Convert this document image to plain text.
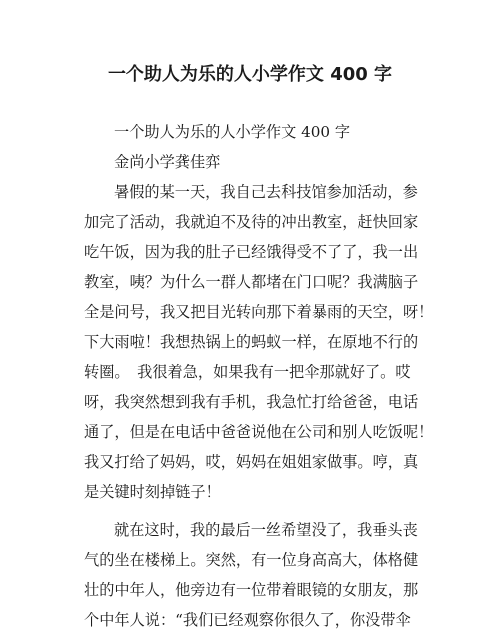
一个助人为乐的人小学作文 400 字
一个助人为乐的人小学作文 400 字
金尚小学龚佳弈
暑假的某一天，我自己去科技馆参加活动，参
加完了活动，我就迫不及待的冲出教室，赶快回家
吃午饭，因为我的肚子已经饿得受不了了，我一出
教室，咦？为什么一群人都堵在门口呢？我满脑子
全是问号，我又把目光转向那下着暴雨的天空，呀！
下大雨啦！我想热锅上的蚂蚁一样，在原地不行的
转圈。　我很着急，如果我有一把伞那就好了。哎
呀，我突然想到我有手机，我急忙打给爸爸，电话
通了，但是在电话中爸爸说他在公司和别人吃饭呢！
我又打给了妈妈，哎，妈妈在姐姐家做事。哼，真
是关键时刻掉链子！
就在这时，我的最后一丝希望没了，我垂头丧
气的坐在楼梯上。突然，有一位身高高大，体格健
壮的中年人，他旁边有一位带着眼镜的女朋友，那
个中年人说：“我们已经观察你很久了，你没带伞
